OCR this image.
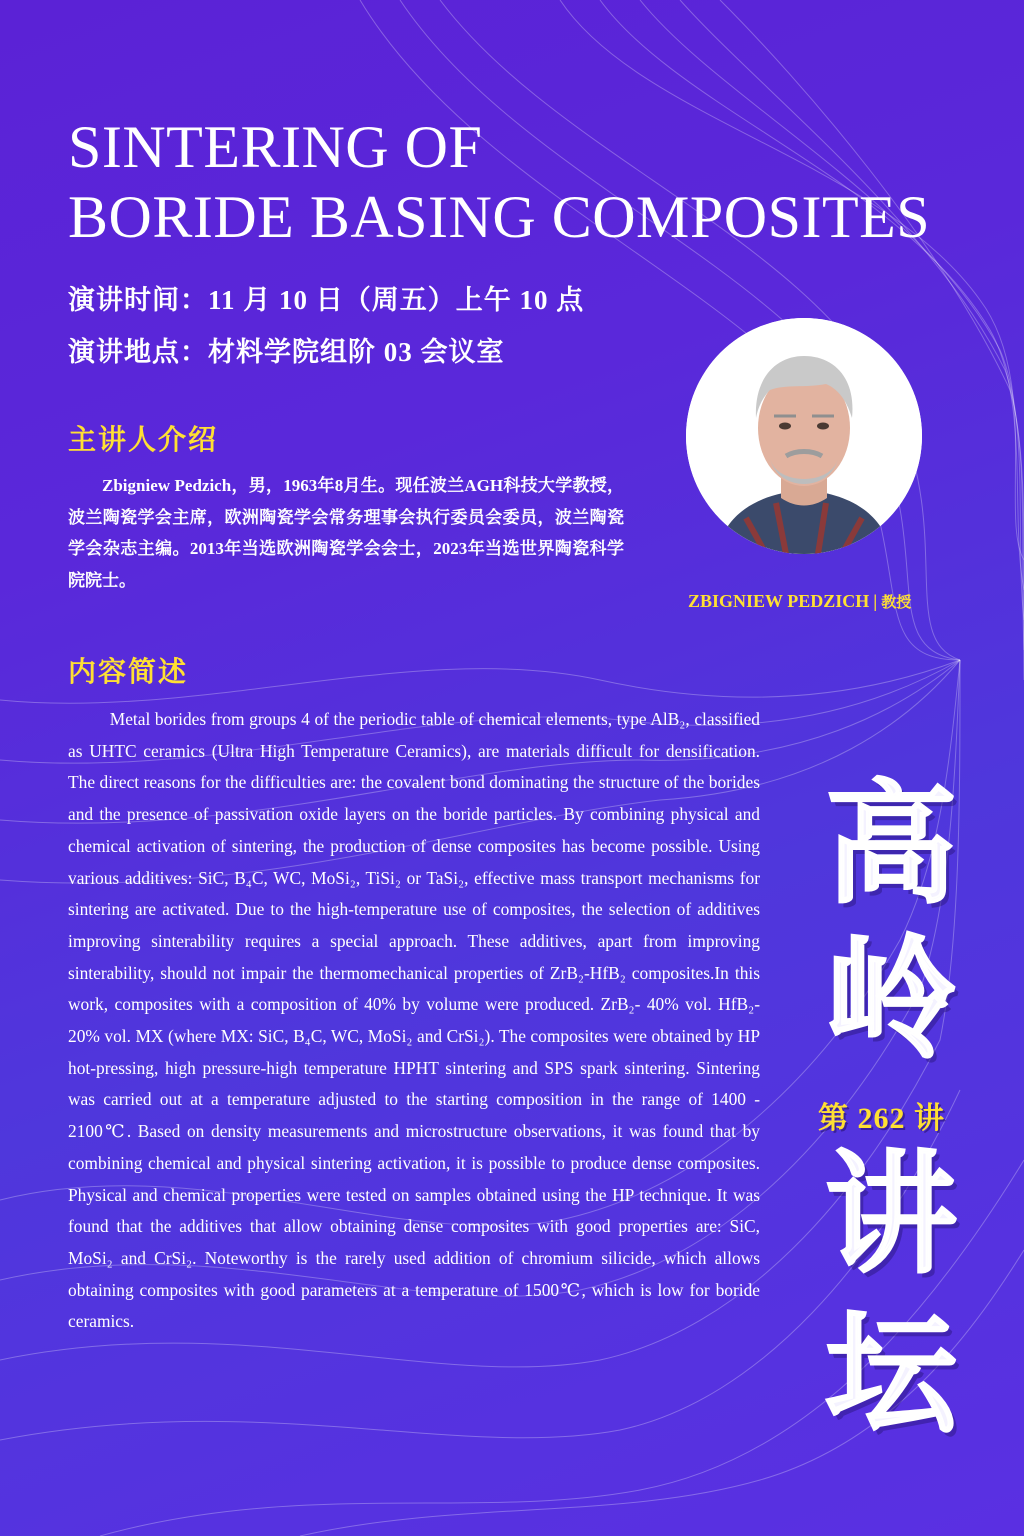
SINTERING OF
BORIDE BASING COMPOSITES
演讲时间：11 月 10 日（周五）上午 10 点
演讲地点：材料学院组阶 03 会议室
主讲人介绍

Zbigniew Pedzich，男，1963年8月生。现任波兰AGH科技大学教授，波兰陶瓷学会主席，欧洲陶瓷学会常务理事会执行委员会委员，波兰陶瓷学会杂志主编。2013年当选欧洲陶瓷学会会士，2023年当选世界陶瓷科学院院士。

ZBIGNIEW PEDZICH | 教授
内容简述

Metal borides from groups 4 of the periodic table of chemical elements, type AlB₂, classified as UHTC ceramics (Ultra High Temperature Ceramics), are materials difficult for densification. The direct reasons for the difficulties are: the covalent bond dominating the structure of the borides and the presence of passivation oxide layers on the boride particles. By combining physical and chemical activation of sintering, the production of dense composites has become possible. Using various additives: SiC, B₄C, WC, MoSi₂, TiSi₂ or TaSi₂, effective mass transport mechanisms for sintering are activated. Due to the high-temperature use of composites, the selection of additives improving sinterability requires a special approach. These additives, apart from improving sinterability, should not impair the thermomechanical properties of ZrB₂-HfB₂ composites.In this work, composites with a composition of 40% by volume were produced. ZrB₂- 40% vol. HfB₂- 20% vol. MX (where MX: SiC, B₄C, WC, MoSi₂ and CrSi₂). The composites were obtained by HP hot-pressing, high pressure-high temperature HPHT sintering and SPS spark sintering. Sintering was carried out at a temperature adjusted to the starting composition in the range of 1400 - 2100℃. Based on density measurements and microstructure observations, it was found that by combining chemical and physical sintering activation, it is possible to produce dense composites. Physical and chemical properties were tested on samples obtained using the HP technique. It was found that the additives that allow obtaining dense composites with good properties are: SiC, MoSi₂ and CrSi₂. Noteworthy is the rarely used addition of chromium silicide, which allows obtaining composites with good parameters at a temperature of 1500℃, which is low for boride ceramics.

高
岭
第 262 讲
讲
坛
